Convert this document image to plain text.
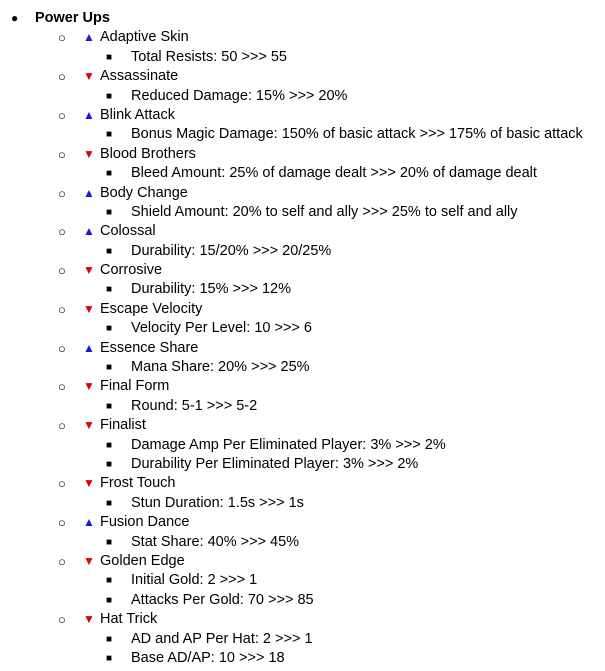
● Power Ups
○ ▲ Adaptive Skin
■ Total Resists: 50 >>> 55
○ ▼ Assassinate
■ Reduced Damage: 15% >>> 20%
○ ▲ Blink Attack
■ Bonus Magic Damage: 150% of basic attack >>> 175% of basic attack
○ ▼ Blood Brothers
■ Bleed Amount: 25% of damage dealt >>> 20% of damage dealt
○ ▲ Body Change
■ Shield Amount: 20% to self and ally >>> 25% to self and ally
○ ▲ Colossal
■ Durability: 15/20% >>> 20/25%
○ ▼ Corrosive
■ Durability: 15% >>> 12%
○ ▼ Escape Velocity
■ Velocity Per Level: 10 >>> 6
○ ▲ Essence Share
■ Mana Share: 20% >>> 25%
○ ▼ Final Form
■ Round: 5-1 >>> 5-2
○ ▼ Finalist
■ Damage Amp Per Eliminated Player: 3% >>> 2%
■ Durability Per Eliminated Player: 3% >>> 2%
○ ▼ Frost Touch
■ Stun Duration: 1.5s >>> 1s
○ ▲ Fusion Dance
■ Stat Share: 40% >>> 45%
○ ▼ Golden Edge
■ Initial Gold: 2 >>> 1
■ Attacks Per Gold: 70 >>> 85
○ ▼ Hat Trick
■ AD and AP Per Hat: 2 >>> 1
■ Base AD/AP: 10 >>> 18
